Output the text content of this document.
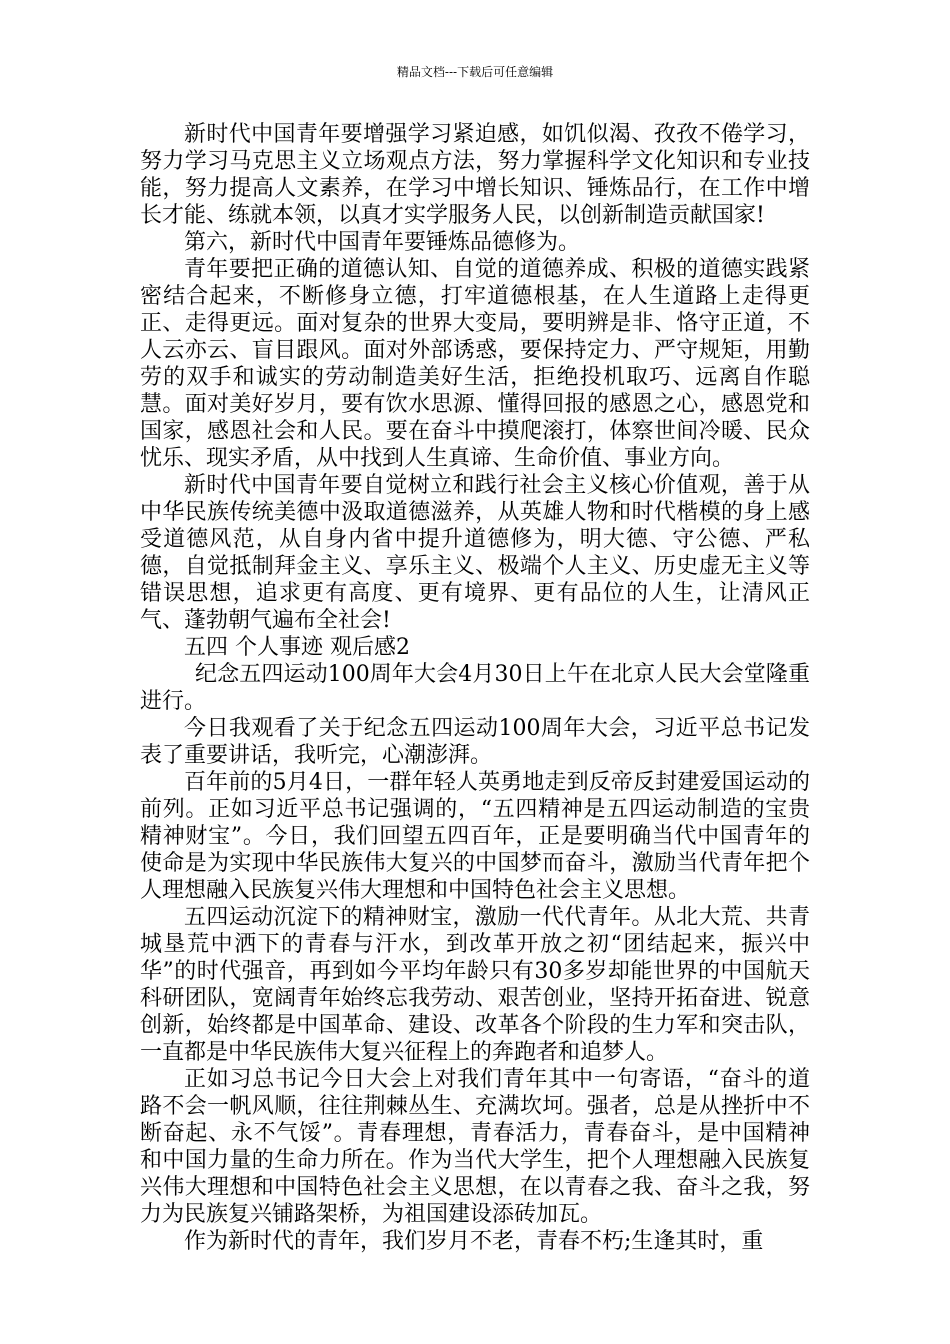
精品文档---下载后可任意编辑

新时代中国青年要增强学习紧迫感，如饥似渴、孜孜不倦学习，努力学习马克思主义立场观点方法，努力掌握科学文化知识和专业技能，努力提高人文素养，在学习中增长知识、锤炼品行，在工作中增长才能、练就本领，以真才实学服务人民，以创新制造贡献国家!

第六，新时代中国青年要锤炼品德修为。

青年要把正确的道德认知、自觉的道德养成、积极的道德实践紧密结合起来，不断修身立德，打牢道德根基，在人生道路上走得更正、走得更远。面对复杂的世界大变局，要明辨是非、恪守正道，不人云亦云、盲目跟风。面对外部诱惑，要保持定力、严守规矩，用勤劳的双手和诚实的劳动制造美好生活，拒绝投机取巧、远离自作聪慧。面对美好岁月，要有饮水思源、懂得回报的感恩之心，感恩党和国家，感恩社会和人民。要在奋斗中摸爬滚打，体察世间冷暖、民众忧乐、现实矛盾，从中找到人生真谛、生命价值、事业方向。

新时代中国青年要自觉树立和践行社会主义核心价值观，善于从中华民族传统美德中汲取道德滋养，从英雄人物和时代楷模的身上感受道德风范，从自身内省中提升道德修为，明大德、守公德、严私德，自觉抵制拜金主义、享乐主义、极端个人主义、历史虚无主义等错误思想，追求更有高度、更有境界、更有品位的人生，让清风正气、蓬勃朝气遍布全社会!

五四 个人事迹 观后感2

纪念五四运动100周年大会4月30日上午在北京人民大会堂隆重进行。

今日我观看了关于纪念五四运动100周年大会，习近平总书记发表了重要讲话，我听完，心潮澎湃。

百年前的5月4日，一群年轻人英勇地走到反帝反封建爱国运动的前列。正如习近平总书记强调的，“五四精神是五四运动制造的宝贵精神财宝”。今日，我们回望五四百年，正是要明确当代中国青年的使命是为实现中华民族伟大复兴的中国梦而奋斗，激励当代青年把个人理想融入民族复兴伟大理想和中国特色社会主义思想。

五四运动沉淀下的精神财宝，激励一代代青年。从北大荒、共青城垦荒中洒下的青春与汗水，到改革开放之初“团结起来，振兴中华”的时代强音，再到如今平均年龄只有30多岁却能世界的中国航天科研团队，宽阔青年始终忘我劳动、艰苦创业，坚持开拓奋进、锐意创新，始终都是中国革命、建设、改革各个阶段的生力军和突击队，一直都是中华民族伟大复兴征程上的奔跑者和追梦人。

正如习总书记今日大会上对我们青年其中一句寄语，“奋斗的道路不会一帆风顺，往往荆棘丛生、充满坎坷。强者，总是从挫折中不断奋起、永不气馁”。青春理想，青春活力，青春奋斗，是中国精神和中国力量的生命力所在。作为当代大学生，把个人理想融入民族复兴伟大理想和中国特色社会主义思想，在以青春之我、奋斗之我，努力为民族复兴铺路架桥，为祖国建设添砖加瓦。

作为新时代的青年，我们岁月不老，青春不朽;生逢其时，重
